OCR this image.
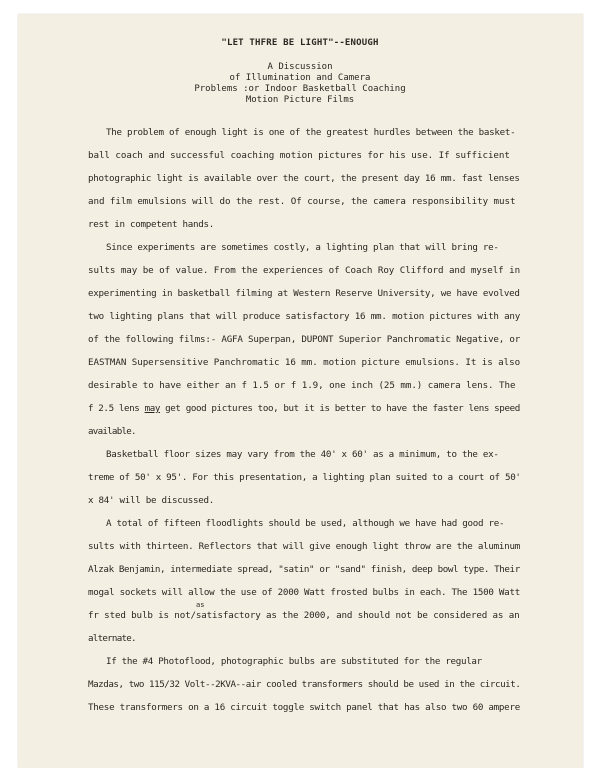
"LET THFRE BE LIGHT"--ENOUGH
A Discussion
of Illumination and Camera
Problems :or Indoor Basketball Coaching
Motion Picture Films
The problem of enough light is one of the greatest hurdles between the basket-
ball coach and successful coaching motion pictures for his use. If sufficient
photographic light is available over the court, the present day 16 mm. fast lenses
and film emulsions will do the rest. Of course, the camera responsibility must
rest in competent hands.
Since experiments are sometimes costly, a lighting plan that will bring re-
sults may be of value. From the experiences of Coach Roy Clifford and myself in
experimenting in basketball filming at Western Reserve University, we have evolved
two lighting plans that will produce satisfactory 16 mm. motion pictures with any
of the following films:- AGFA Superpan, DUPONT Superior Panchromatic Negative, or
EASTMAN Supersensitive Panchromatic 16 mm. motion picture emulsions. It is also
desirable to have either an f 1.5 or f 1.9, one inch (25 mm.) camera lens. The
f 2.5 lens may get good pictures too, but it is better to have the faster lens speed
available.
Basketball floor sizes may vary from the 40' x 60' as a minimum, to the ex-
treme of 50' x 95'. For this presentation, a lighting plan suited to a court of 50'
x 84' will be discussed.
A total of fifteen floodlights should be used, although we have had good re-
sults with thirteen. Reflectors that will give enough light throw are the aluminum
Alzak Benjamin, intermediate spread, "satin" or "sand" finish, deep bowl type. Their
mogal sockets will allow the use of 2000 Watt frosted bulbs in each. The 1500 Watt
as
fr sted bulb is not/satisfactory as the 2000, and should not be considered as an
alternate.
If the #4 Photoflood, photographic bulbs are substituted for the regular
Mazdas, two 115/32 Volt--2KVA--air cooled transformers should be used in the circuit.
These transformers on a 16 circuit toggle switch panel that has also two 60 ampere
